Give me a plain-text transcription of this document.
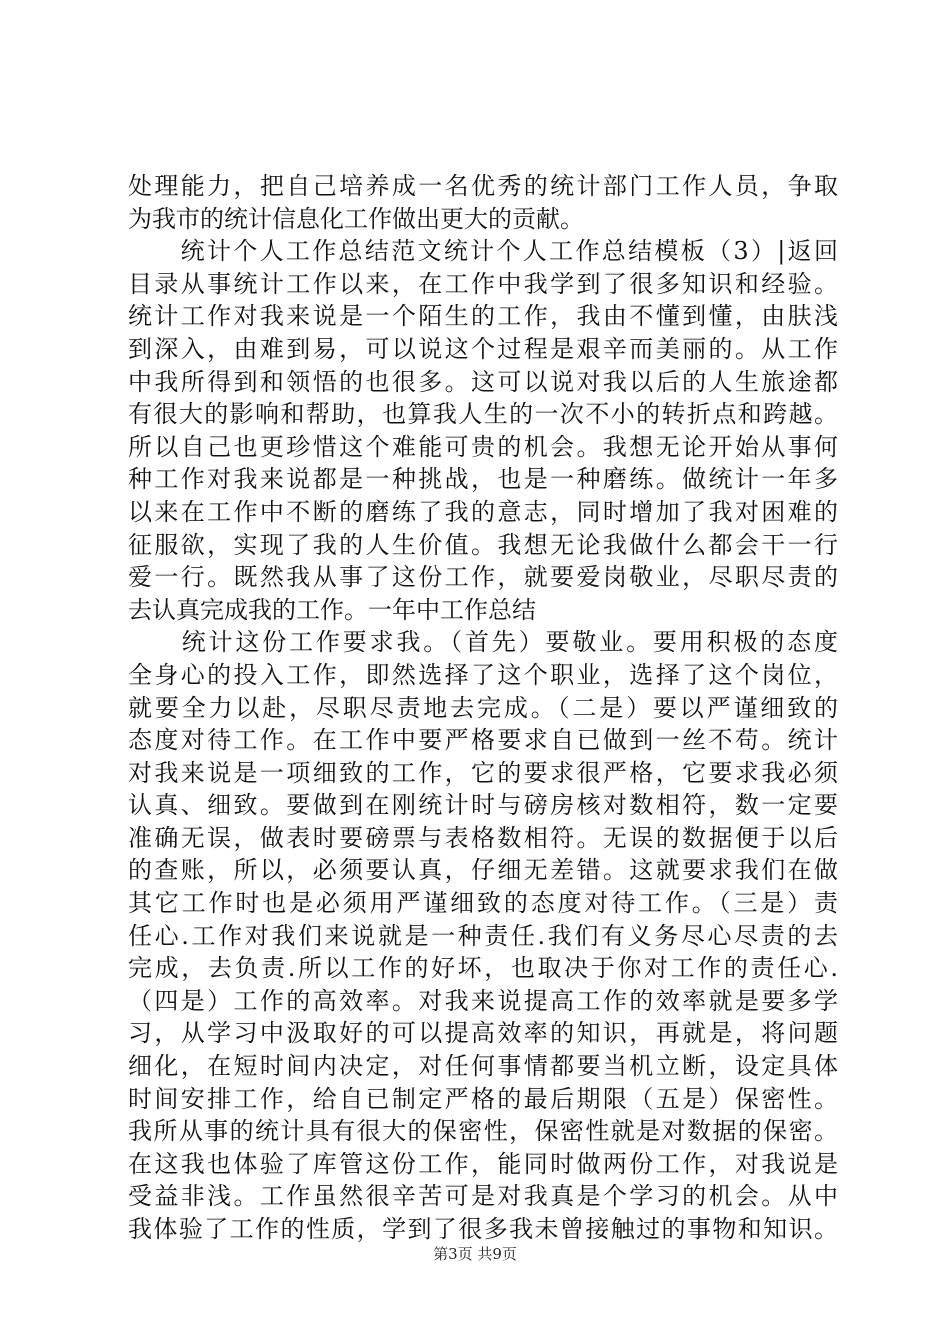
处理能力，把自己培养成一名优秀的统计部门工作人员，争取
为我市的统计信息化工作做出更大的贡献。
　　统计个人工作总结范文统计个人工作总结模板（3）|返回
目录从事统计工作以来，在工作中我学到了很多知识和经验。
统计工作对我来说是一个陌生的工作，我由不懂到懂，由肤浅
到深入，由难到易，可以说这个过程是艰辛而美丽的。从工作
中我所得到和领悟的也很多。这可以说对我以后的人生旅途都
有很大的影响和帮助，也算我人生的一次不小的转折点和跨越。
所以自己也更珍惜这个难能可贵的机会。我想无论开始从事何
种工作对我来说都是一种挑战，也是一种磨练。做统计一年多
以来在工作中不断的磨练了我的意志，同时增加了我对困难的
征服欲，实现了我的人生价值。我想无论我做什么都会干一行
爱一行。既然我从事了这份工作，就要爱岗敬业，尽职尽责的
去认真完成我的工作。一年中工作总结
　　统计这份工作要求我。（首先）要敬业。要用积极的态度
全身心的投入工作，即然选择了这个职业，选择了这个岗位，
就要全力以赴，尽职尽责地去完成。（二是）要以严谨细致的
态度对待工作。在工作中要严格要求自已做到一丝不苟。统计
对我来说是一项细致的工作，它的要求很严格，它要求我必须
认真、细致。要做到在刚统计时与磅房核对数相符，数一定要
准确无误，做表时要磅票与表格数相符。无误的数据便于以后
的查账，所以，必须要认真，仔细无差错。这就要求我们在做
其它工作时也是必须用严谨细致的态度对待工作。（三是）责
任心.工作对我们来说就是一种责任.我们有义务尽心尽责的去
完成，去负责.所以工作的好坏，也取决于你对工作的责任心.
（四是）工作的高效率。对我来说提高工作的效率就是要多学
习，从学习中汲取好的可以提高效率的知识，再就是，将问题
细化，在短时间内决定，对任何事情都要当机立断，设定具体
时间安排工作，给自已制定严格的最后期限（五是）保密性。
我所从事的统计具有很大的保密性，保密性就是对数据的保密。
在这我也体验了库管这份工作，能同时做两份工作，对我说是
受益非浅。工作虽然很辛苦可是对我真是个学习的机会。从中
我体验了工作的性质，学到了很多我未曾接触过的事物和知识。
第3页 共9页
